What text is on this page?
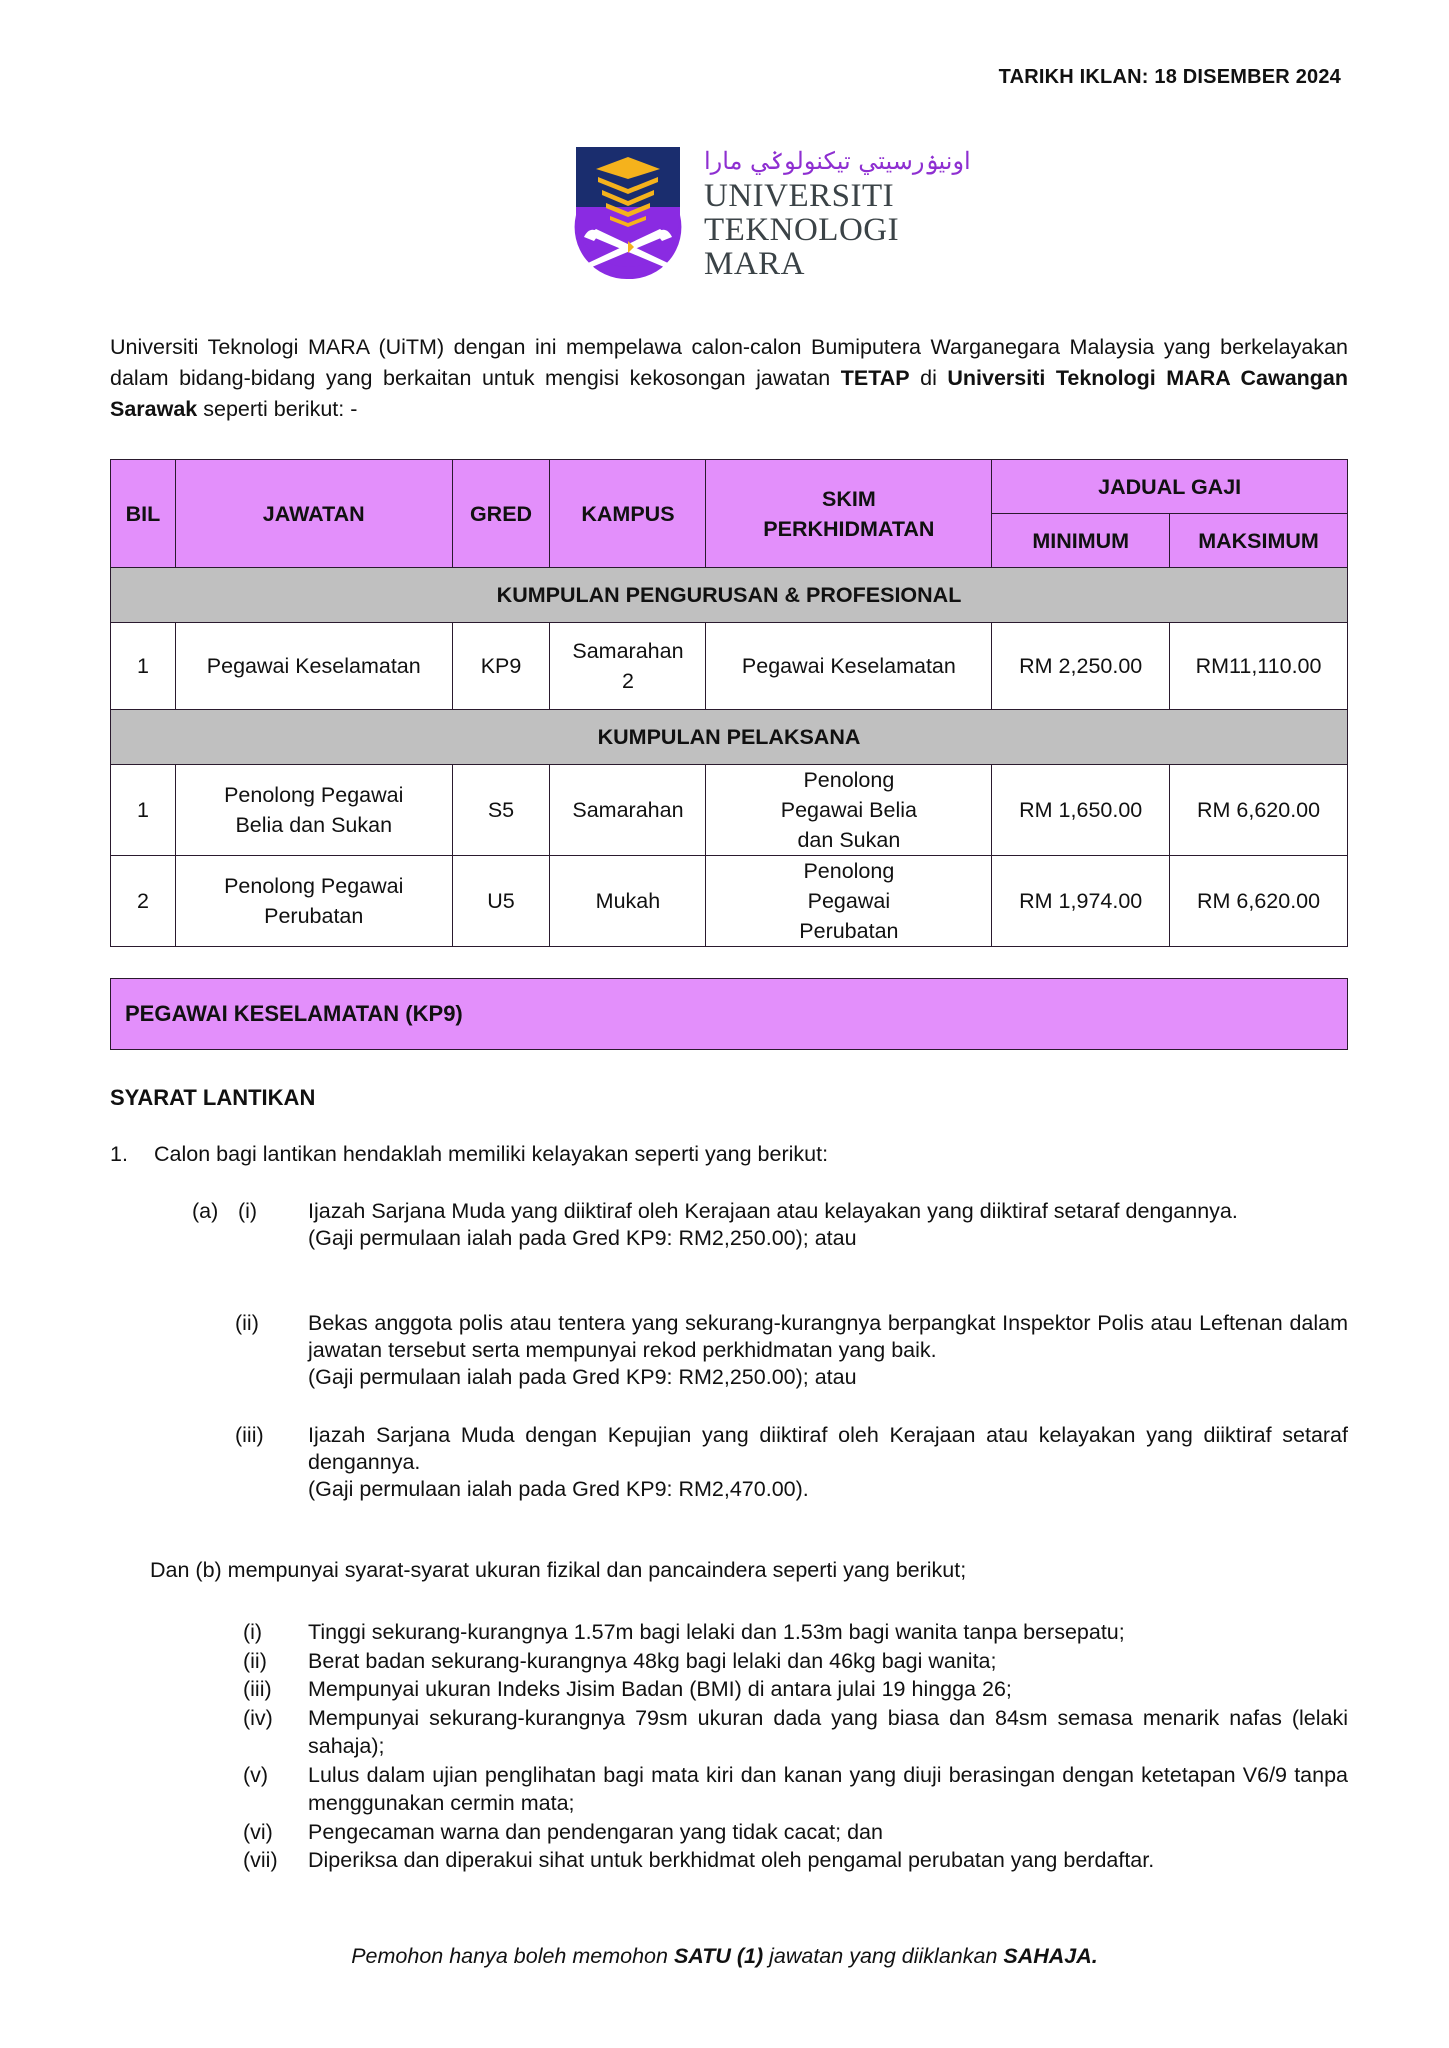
TARIKH IKLAN: 18 DISEMBER 2024
اونيۏرسيتي تيكنولوݢي مارا
UNIVERSITI
TEKNOLOGI
MARA

Universiti Teknologi MARA (UiTM) dengan ini mempelawa calon-calon Bumiputera Warganegara Malaysia yang berkelayakan dalam bidang-bidang yang berkaitan untuk mengisi kekosongan jawatan TETAP di Universiti Teknologi MARA Cawangan Sarawak seperti berikut: -

BIL	JAWATAN	GRED	KAMPUS	SKIM PERKHIDMATAN	JADUAL GAJI	
					MINIMUM	MAKSIMUM
KUMPULAN PENGURUSAN & PROFESIONAL						
1	Pegawai Keselamatan	KP9	Samarahan 2	Pegawai Keselamatan	RM 2,250.00	RM11,110.00
KUMPULAN PELAKSANA						
1	Penolong Pegawai Belia dan Sukan	S5	Samarahan	Penolong Pegawai Belia dan Sukan	RM 1,650.00	RM 6,620.00
2	Penolong Pegawai Perubatan	U5	Mukah	Penolong Pegawai Perubatan	RM 1,974.00	RM 6,620.00
PEGAWAI KESELAMATAN (KP9)
SYARAT LANTIKAN
1. Calon bagi lantikan hendaklah memiliki kelayakan seperti yang berikut:
(a) (i) Ijazah Sarjana Muda yang diiktiraf oleh Kerajaan atau kelayakan yang diiktiraf setaraf dengannya.

(Gaji permulaan ialah pada Gred KP9: RM2,250.00); atau

(ii) Bekas anggota polis atau tentera yang sekurang-kurangnya berpangkat Inspektor Polis atau Leftenan dalam jawatan tersebut serta mempunyai rekod perkhidmatan yang baik.

(Gaji permulaan ialah pada Gred KP9: RM2,250.00); atau

(iii) Ijazah Sarjana Muda dengan Kepujian yang diiktiraf oleh Kerajaan atau kelayakan yang diiktiraf setaraf dengannya.

(Gaji permulaan ialah pada Gred KP9: RM2,470.00).

Dan (b) mempunyai syarat-syarat ukuran fizikal dan pancaindera seperti yang berikut;
(i)	Tinggi sekurang-kurangnya 1.57m bagi lelaki dan 1.53m bagi wanita tanpa bersepatu;
(ii)	Berat badan sekurang-kurangnya 48kg bagi lelaki dan 46kg bagi wanita;
(iii)	Mempunyai ukuran Indeks Jisim Badan (BMI) di antara julai 19 hingga 26;
(iv)	Mempunyai sekurang-kurangnya 79sm ukuran dada yang biasa dan 84sm semasa menarik nafas (lelaki sahaja);
(v)	Lulus dalam ujian penglihatan bagi mata kiri dan kanan yang diuji berasingan dengan ketetapan V6/9 tanpa menggunakan cermin mata;
(vi)	Pengecaman warna dan pendengaran yang tidak cacat; dan
(vii)	Diperiksa dan diperakui sihat untuk berkhidmat oleh pengamal perubatan yang berdaftar.

Pemohon hanya boleh memohon SATU (1) jawatan yang diiklankan SAHAJA.
